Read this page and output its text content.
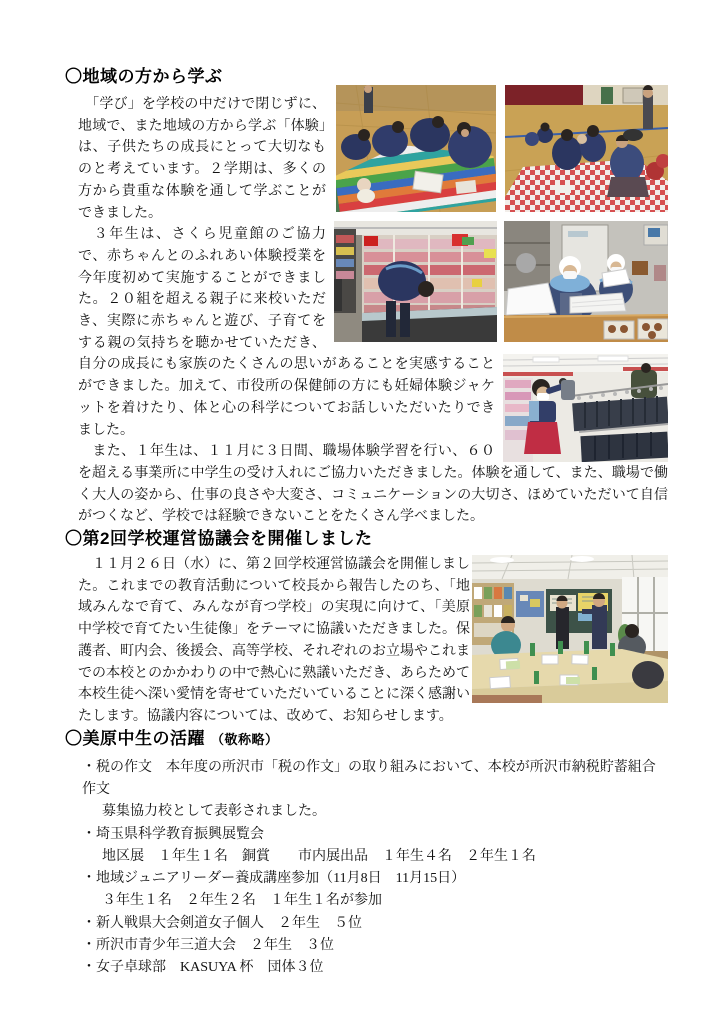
〇地域の方から学ぶ

　「学び」を学校の中だけで閉じずに、地域で、また地域の方から学ぶ「体験」は、子供たちの成長にとって大切なものと考えています。２学期は、多くの方から貴重な体験を通して学ぶことができました。

　３年生は、さくら児童館のご協力で、赤ちゃんとのふれあい体験授業を今年度初めて実施することができました。２０組を超える親子に来校いただき、実際に赤ちゃんと遊び、子育てをする親の気持ちを聴かせていただき、自分の成長にも家族のたくさんの思いがあることを実感することができました。加えて、市役所の保健師の方にも妊婦体験ジャケットを着けたり、体と心の科学についてお話しいただいたりできました。

　また、１年生は、１１月に３日間、職場体験学習を行い、６０を超える事業所に中学生の受け入れにご協力いただきました。体験を通して、また、職場で働く大人の姿から、仕事の良さや大変さ、コミュニケーションの大切さ、ほめていただいて自信がつくなど、学校では経験できないことをたくさん学べました。

〇第2回学校運営協議会を開催しました

　１１月２６日（水）に、第２回学校運営協議会を開催しました。これまでの教育活動について校長から報告したのち、「地域みんなで育て、みんなが育つ学校」の実現に向けて、「美原中学校で育てたい生徒像」をテーマに協議いただきました。保護者、町内会、後援会、高等学校、それぞれのお立場やこれまでの本校とのかかわりの中で熱心に熟議いただき、あらためて本校生徒へ深い愛情を寄せていただいていることに深く感謝いたします。協議内容については、改めて、お知らせします。

〇美原中生の活躍 （敬称略）
・税の作文　本年度の所沢市「税の作文」の取り組みにおいて、本校が所沢市納税貯蓄組合作文
募集協力校として表彰されました。
・埼玉県科学教育振興展覧会
地区展　１年生１名　銅賞　　市内展出品　１年生４名　２年生１名
・地域ジュニアリーダー養成講座参加（11月8日　11月15日）
３年生１名　２年生２名　１年生１名が参加
・新人戦県大会剣道女子個人　２年生　５位
・所沢市青少年三道大会　２年生　３位
・女子卓球部　KASUYA 杯　団体３位
